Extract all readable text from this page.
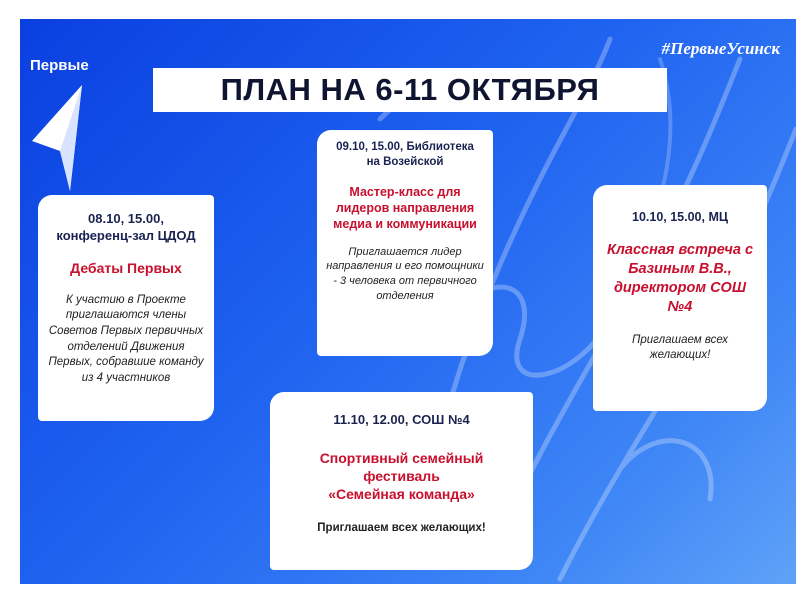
Первые
#ПервыеУсинск
ПЛАН НА 6-11 ОКТЯБРЯ
08.10, 15.00,
конференц-зал ЦДОД
Дебаты Первых
К участию в Проекте приглашаются члены Советов Первых первичных отделений Движения Первых, собравшие команду из 4 участников
09.10, 15.00, Библиотека
на Возейской
Мастер-класс для лидеров направления медиа и коммуникации
Приглашается лидер направления и его помощники - 3 человека от первичного отделения
10.10, 15.00, МЦ
Классная встреча с Базиным В.В., директором СОШ №4
Приглашаем всех желающих!
11.10, 12.00, СОШ №4
Спортивный семейный фестиваль
«Семейная команда»
Приглашаем всех желающих!
